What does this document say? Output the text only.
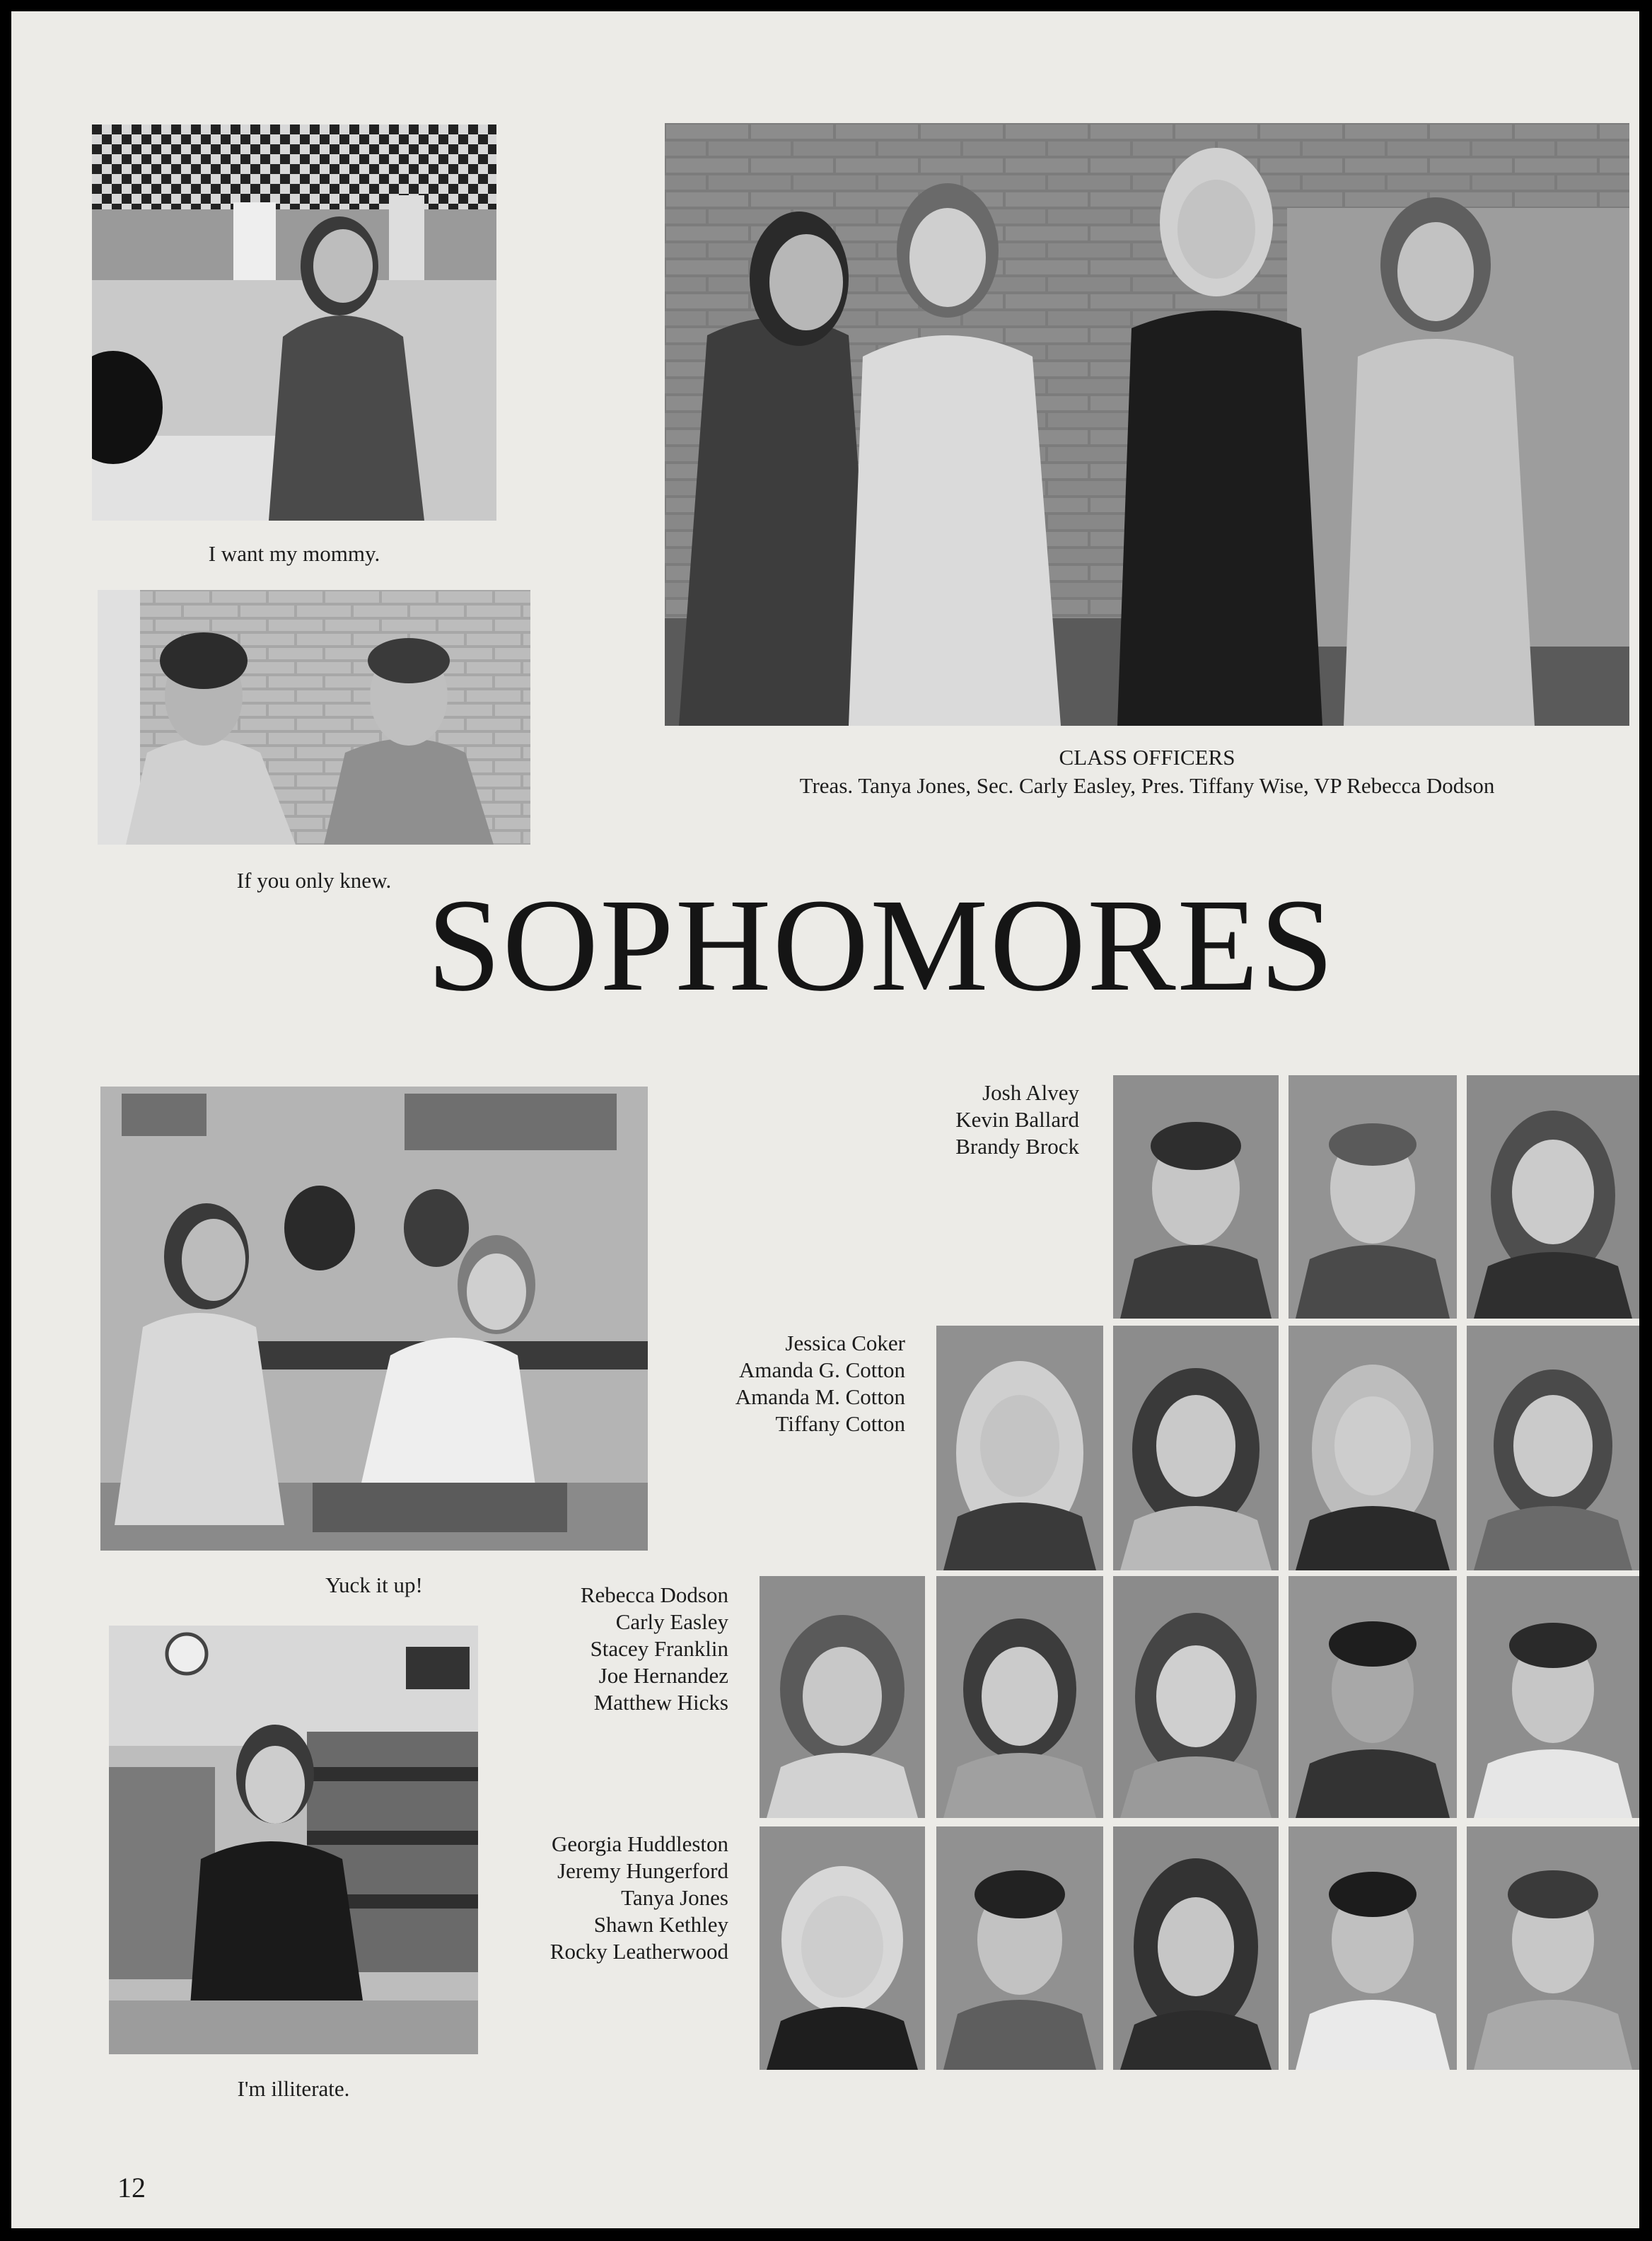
I want my mommy.
If you only knew.
CLASS OFFICERS
Treas. Tanya Jones, Sec. Carly Easley, Pres. Tiffany Wise, VP Rebecca Dodson
SOPHOMORES
Yuck it up!
I'm illiterate.
Josh Alvey
Kevin Ballard
Brandy Brock
Jessica Coker
Amanda G. Cotton
Amanda M. Cotton
Tiffany Cotton
Rebecca Dodson
Carly Easley
Stacey Franklin
Joe Hernandez
Matthew Hicks
Georgia Huddleston
Jeremy Hungerford
Tanya Jones
Shawn Kethley
Rocky Leatherwood
12
